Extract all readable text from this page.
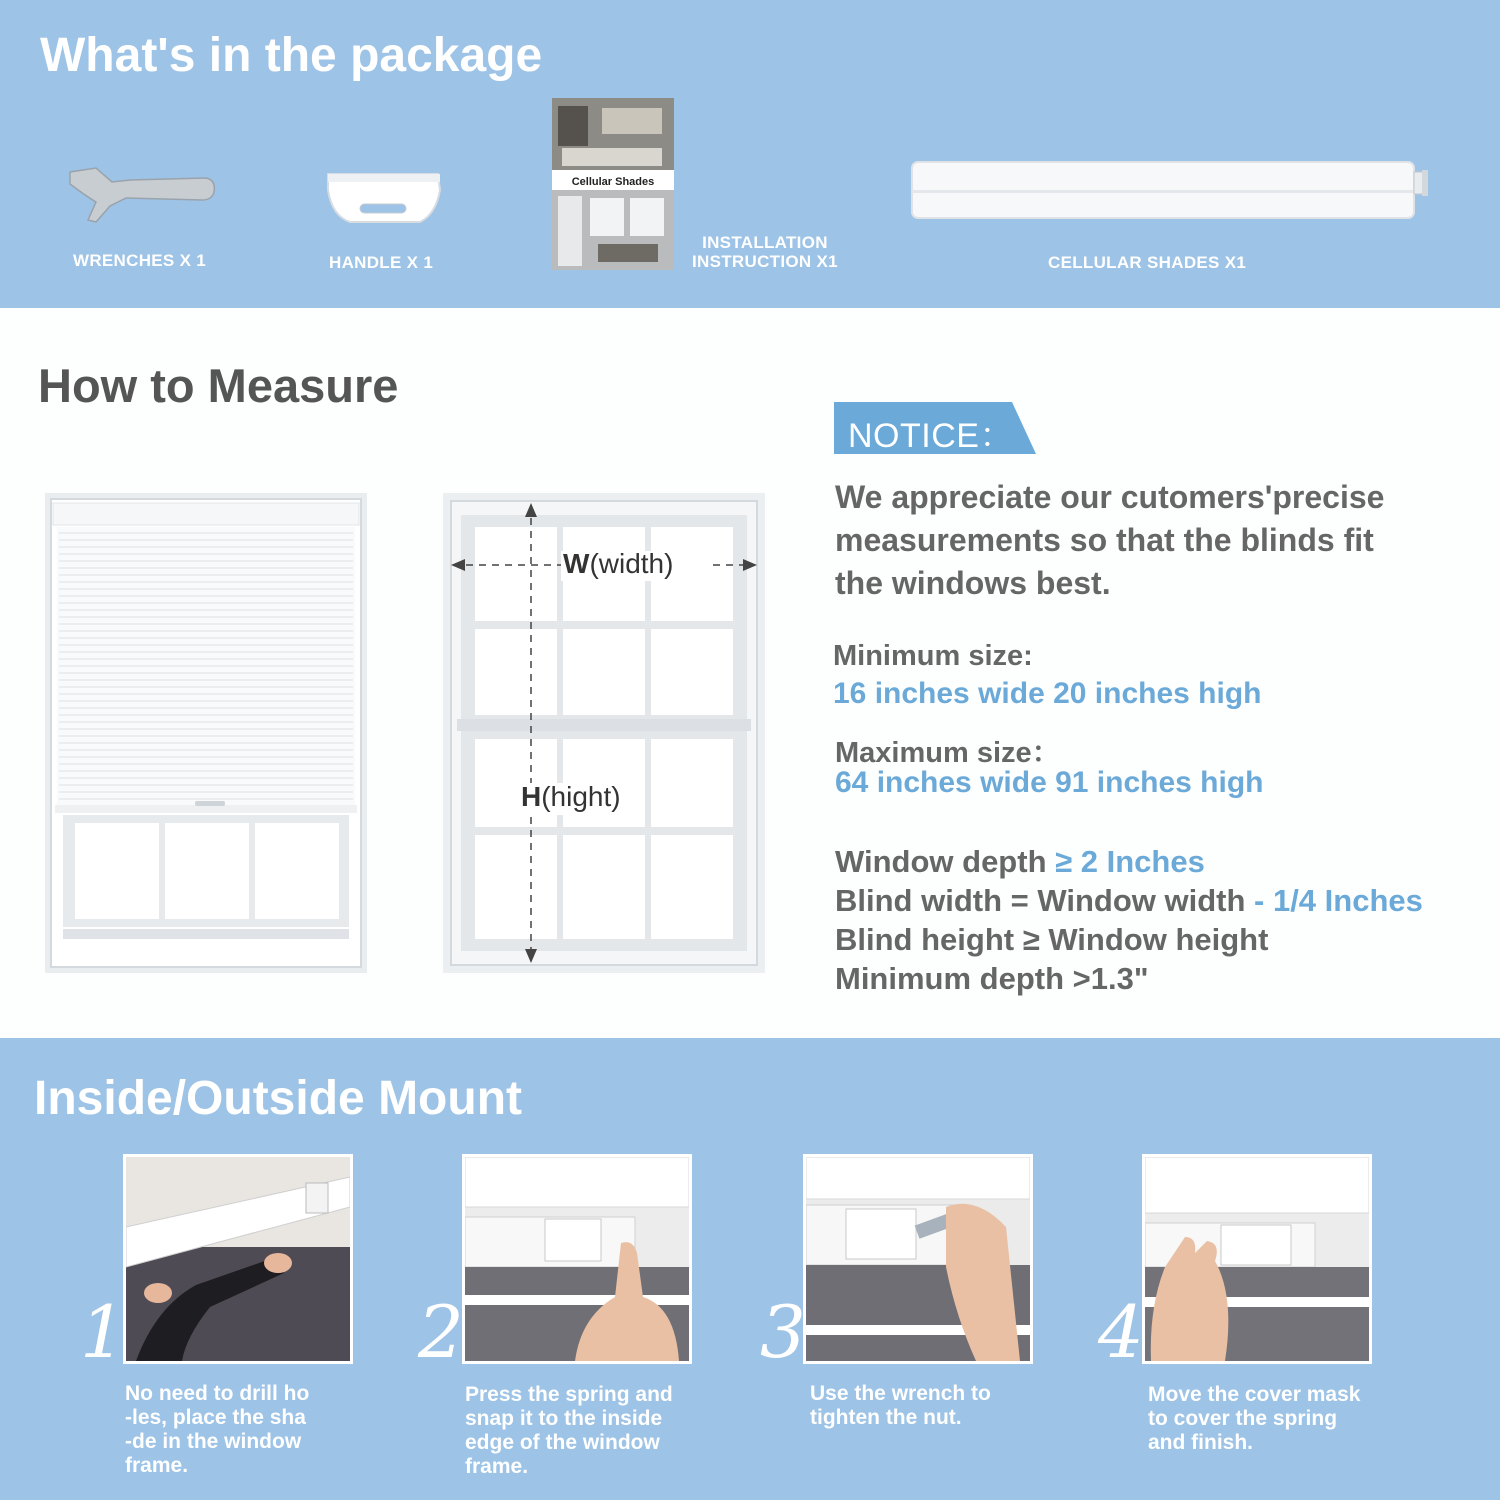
What's in the package
WRENCHES X 1	HANDLE X 1
Cellular Shades
INSTALLATION
INSTRUCTION X1	CELLULAR SHADES X1
How to Measure
W(width)
H(hight)
NOTICE：
We appreciate our cutomers'precise
measurements so that the blinds fit
the windows best.
Minimum size:
16 inches wide 20 inches high
Maximum size：
64 inches wide 91 inches high
Window depth ≥ 2 Inches
Blind width = Window width - 1/4 Inches
Blind height ≥ Window height
Minimum depth >1.3"
Inside/Outside Mount
1
No need to drill ho
-les, place the sha
-de in the window
frame.
2
Press the spring and
snap it to the inside
edge of the window
frame.
3
Use the wrench to
tighten the nut.
4
Move the cover mask
to cover the spring
and finish.
